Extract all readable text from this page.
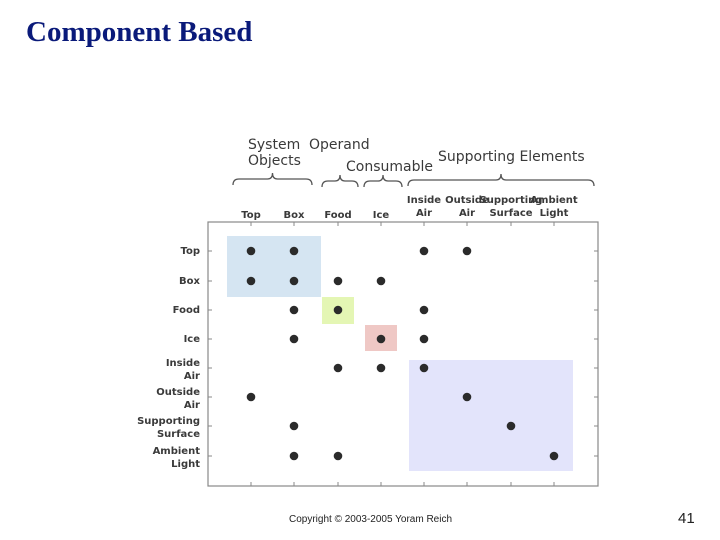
Component Based
System
Objects
Operand
Consumable
Supporting Elements
Top Box Food Ice
Inside
Air
Outside
Air
Supporting
Surface
Ambient
Light
Top
Box
Food
Ice
Inside
Air
Outside
Air
Supporting
Surface
Ambient
Light
Copyright © 2003-2005 Yoram Reich	41
